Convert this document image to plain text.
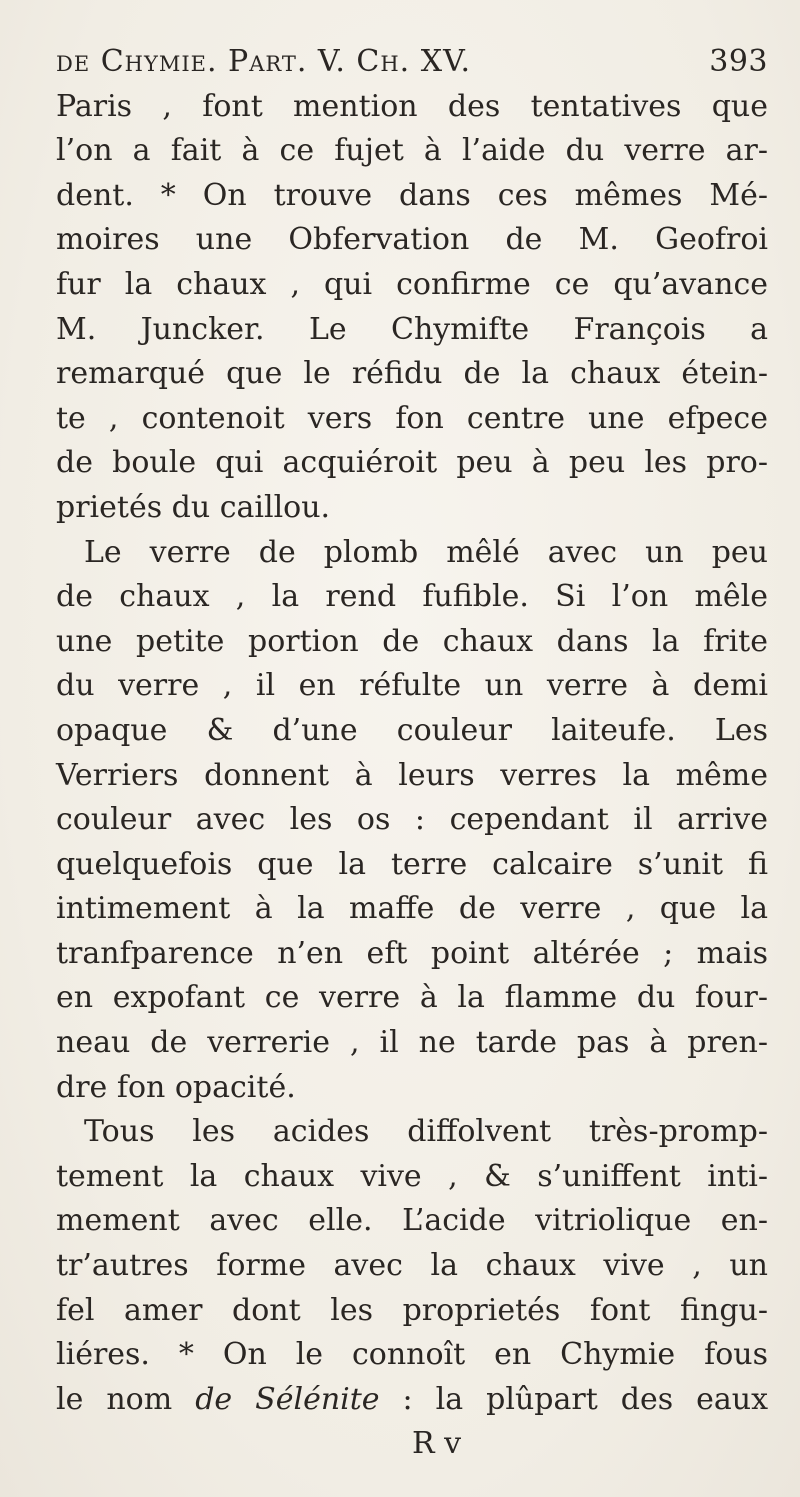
de Chymie. Part. V. Ch. XV.	393
Paris , font mention des tentatives que
l’on a fait à ce fujet à l’aide du verre ar-
dent. * On trouve dans ces mêmes Mé-
moires une Obfervation de M. Geofroi
fur la chaux , qui confirme ce qu’avance
M. Juncker. Le Chymifte François a
remarqué que le réfidu de la chaux étein-
te , contenoit vers fon centre une efpece
de boule qui acquiéroit peu à peu les pro-
prietés du caillou.
Le verre de plomb mêlé avec un peu
de chaux , la rend fufible. Si l’on mêle
une petite portion de chaux dans la frite
du verre , il en réfulte un verre à demi
opaque & d’une couleur laiteufe. Les
Verriers donnent à leurs verres la même
couleur avec les os : cependant il arrive
quelquefois que la terre calcaire s’unit fi
intimement à la maffe de verre , que la
tranfparence n’en eft point altérée ; mais
en expofant ce verre à la flamme du four-
neau de verrerie , il ne tarde pas à pren-
dre fon opacité.
Tous les acides diffolvent très-promp-
tement la chaux vive , & s’uniffent inti-
mement avec elle. L’acide vitriolique en-
tr’autres forme avec la chaux vive , un
fel amer dont les proprietés font fingu-
liéres. * On le connoît en Chymie fous
le nom de Sélénite : la plûpart des eaux
R v
